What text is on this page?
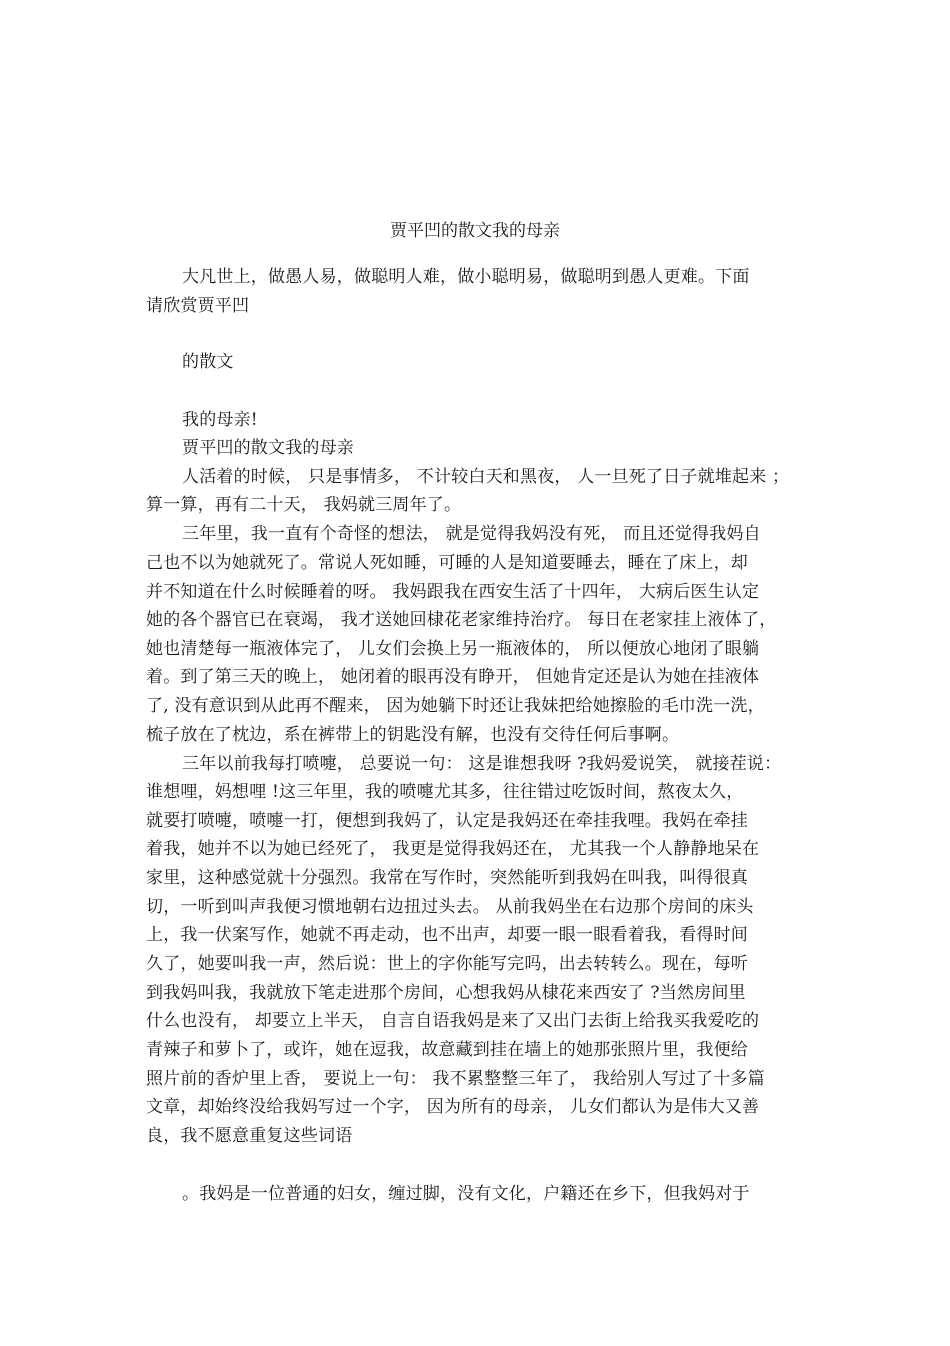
贾平凹的散文我的母亲
大凡世上，做愚人易，做聪明人难，做小聪明易，做聪明到愚人更难。下面
请欣赏贾平凹
的散文
我的母亲!
贾平凹的散文我的母亲
人活着的时候， 只是事情多， 不计较白天和黑夜， 人一旦死了日子就堆起来 ；
算一算，再有二十天， 我妈就三周年了。
三年里，我一直有个奇怪的想法， 就是觉得我妈没有死， 而且还觉得我妈自
己也不以为她就死了。常说人死如睡，可睡的人是知道要睡去，睡在了床上，却
并不知道在什么时候睡着的呀。 我妈跟我在西安生活了十四年， 大病后医生认定
她的各个器官已在衰竭， 我才送她回棣花老家维持治疗。 每日在老家挂上液体了，
她也清楚每一瓶液体完了， 儿女们会换上另一瓶液体的， 所以便放心地闭了眼躺
着。到了第三天的晚上， 她闭着的眼再没有睁开， 但她肯定还是认为她在挂液体
了, 没有意识到从此再不醒来， 因为她躺下时还让我妹把给她擦脸的毛巾洗一洗，
梳子放在了枕边，系在裤带上的钥匙没有解，也没有交待任何后事啊。
三年以前我每打喷嚏， 总要说一句： 这是谁想我呀 ?我妈爱说笑， 就接茬说：
谁想哩，妈想哩 !这三年里，我的喷嚏尤其多，往往错过吃饭时间，熬夜太久，
就要打喷嚏，喷嚏一打，便想到我妈了，认定是我妈还在牵挂我哩。我妈在牵挂
着我，她并不以为她已经死了， 我更是觉得我妈还在， 尤其我一个人静静地呆在
家里，这种感觉就十分强烈。我常在写作时，突然能听到我妈在叫我，叫得很真
切，一听到叫声我便习惯地朝右边扭过头去。 从前我妈坐在右边那个房间的床头
上，我一伏案写作，她就不再走动，也不出声，却要一眼一眼看着我，看得时间
久了，她要叫我一声，然后说：世上的字你能写完吗，出去转转么。现在，每听
到我妈叫我，我就放下笔走进那个房间，心想我妈从棣花来西安了 ?当然房间里
什么也没有， 却要立上半天， 自言自语我妈是来了又出门去街上给我买我爱吃的
青辣子和萝卜了，或许，她在逗我，故意藏到挂在墙上的她那张照片里，我便给
照片前的香炉里上香， 要说上一句： 我不累整整三年了， 我给别人写过了十多篇
文章，却始终没给我妈写过一个字， 因为所有的母亲， 儿女们都认为是伟大又善
良，我不愿意重复这些词语
。我妈是一位普通的妇女，缠过脚，没有文化，户籍还在乡下，但我妈对于
